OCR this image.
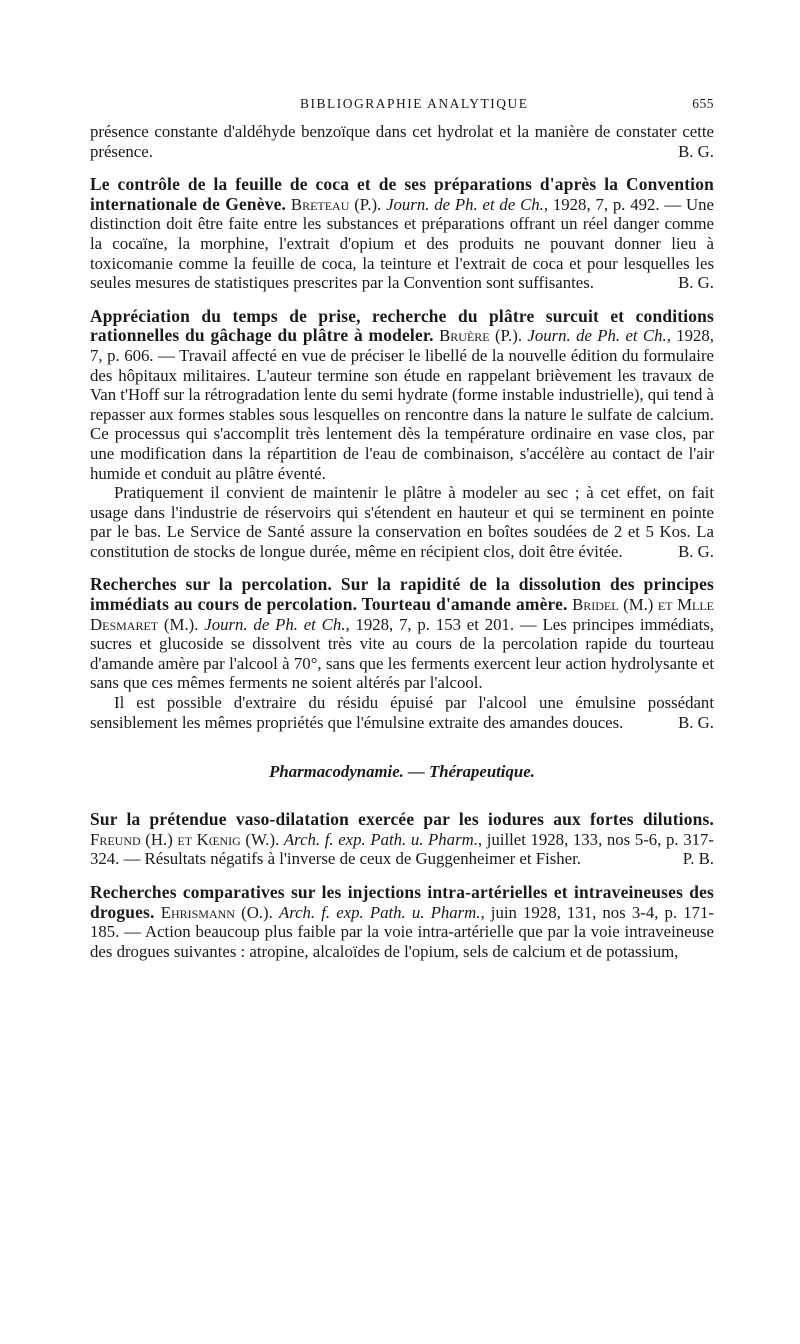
BIBLIOGRAPHIE ANALYTIQUE	655

présence constante d'aldéhyde benzoïque dans cet hydrolat et la manière de constater cette présence.	B. G.

Le contrôle de la feuille de coca et de ses préparations d'après la Convention internationale de Genève. Breteau (P.). Journ. de Ph. et de Ch., 1928, 7, p. 492. — Une distinction doit être faite entre les substances et préparations offrant un réel danger comme la cocaïne, la morphine, l'extrait d'opium et des produits ne pouvant donner lieu à toxicomanie comme la feuille de coca, la teinture et l'extrait de coca et pour lesquelles les seules mesures de statistiques prescrites par la Convention sont suffisantes.	B. G.

Appréciation du temps de prise, recherche du plâtre surcuit et conditions rationnelles du gâchage du plâtre à modeler. Bruère (P.). Journ. de Ph. et Ch., 1928, 7, p. 606. — Travail affecté en vue de préciser le libellé de la nouvelle édition du formulaire des hôpitaux militaires. L'auteur termine son étude en rappelant brièvement les travaux de Van t'Hoff sur la rétrogradation lente du semi hydrate (forme instable industrielle), qui tend à repasser aux formes stables sous lesquelles on rencontre dans la nature le sulfate de calcium. Ce processus qui s'accomplit très lentement dès la température ordinaire en vase clos, par une modification dans la répartition de l'eau de combinaison, s'accélère au contact de l'air humide et conduit au plâtre éventé.

Pratiquement il convient de maintenir le plâtre à modeler au sec ; à cet effet, on fait usage dans l'industrie de réservoirs qui s'étendent en hauteur et qui se terminent en pointe par le bas. Le Service de Santé assure la conservation en boîtes soudées de 2 et 5 Kos. La constitution de stocks de longue durée, même en récipient clos, doit être évitée.	B. G.

Recherches sur la percolation. Sur la rapidité de la dissolution des principes immédiats au cours de percolation. Tourteau d'amande amère. Bridel (M.) et Mlle Desmaret (M.). Journ. de Ph. et Ch., 1928, 7, p. 153 et 201. — Les principes immédiats, sucres et glucoside se dissolvent très vite au cours de la percolation rapide du tourteau d'amande amère par l'alcool à 70°, sans que les ferments exercent leur action hydrolysante et sans que ces mêmes ferments ne soient altérés par l'alcool.

Il est possible d'extraire du résidu épuisé par l'alcool une émulsine possédant sensiblement les mêmes propriétés que l'émulsine extraite des amandes douces.	B. G.

Pharmacodynamie. — Thérapeutique.

Sur la prétendue vaso-dilatation exercée par les iodures aux fortes dilutions. Freund (H.) et Kœnig (W.). Arch. f. exp. Path. u. Pharm., juillet 1928, 133, nos 5-6, p. 317-324. — Résultats négatifs à l'inverse de ceux de Guggenheimer et Fisher.	P. B.

Recherches comparatives sur les injections intra-artérielles et intraveineuses des drogues. Ehrismann (O.). Arch. f. exp. Path. u. Pharm., juin 1928, 131, nos 3-4, p. 171-185. — Action beaucoup plus faible par la voie intra-artérielle que par la voie intraveineuse des drogues suivantes : atropine, alcaloïdes de l'opium, sels de calcium et de potassium,
